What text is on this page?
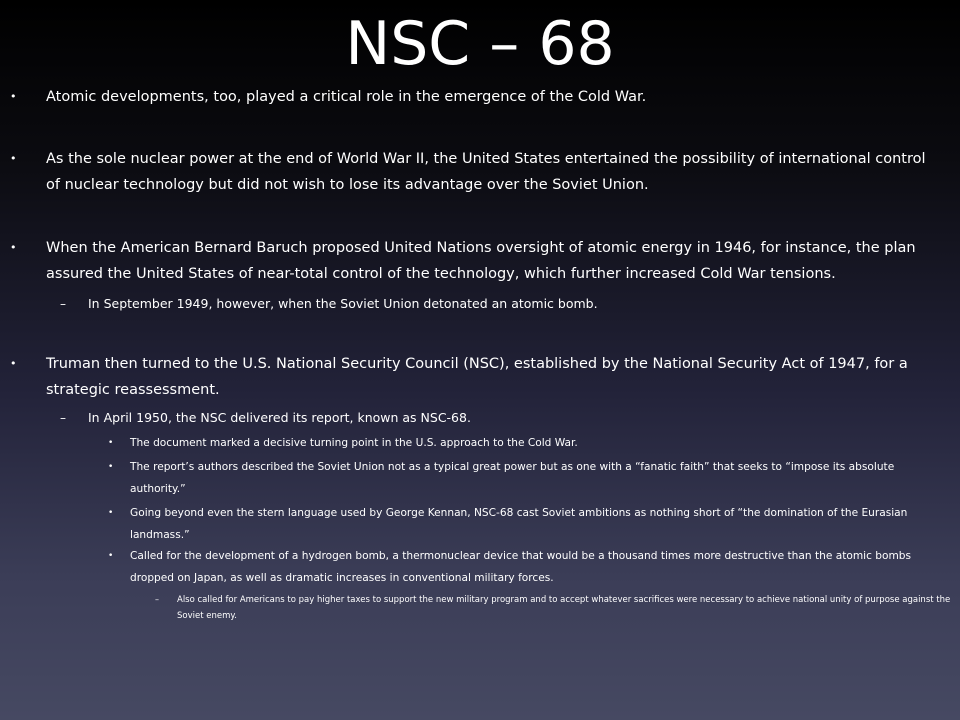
NSC – 68
• Atomic developments, too, played a critical role in the emergence of the Cold War.
• As the sole nuclear power at the end of World War II, the United States entertained the possibility of international control of nuclear technology but did not wish to lose its advantage over the Soviet Union.
• When the American Bernard Baruch proposed United Nations oversight of atomic energy in 1946, for instance, the plan assured the United States of near-total control of the technology, which further increased Cold War tensions.
– In September 1949, however, when the Soviet Union detonated an atomic bomb.
• Truman then turned to the U.S. National Security Council (NSC), established by the National Security Act of 1947, for a strategic reassessment.
– In April 1950, the NSC delivered its report, known as NSC-68.
• The document marked a decisive turning point in the U.S. approach to the Cold War.
• The report’s authors described the Soviet Union not as a typical great power but as one with a “fanatic faith” that seeks to “impose its absolute authority.”
• Going beyond even the stern language used by George Kennan, NSC-68 cast Soviet ambitions as nothing short of “the domination of the Eurasian landmass.”
• Called for the development of a hydrogen bomb, a thermonuclear device that would be a thousand times more destructive than the atomic bombs dropped on Japan, as well as dramatic increases in conventional military forces.
– Also called for Americans to pay higher taxes to support the new military program and to accept whatever sacrifices were necessary to achieve national unity of purpose against the Soviet enemy.
